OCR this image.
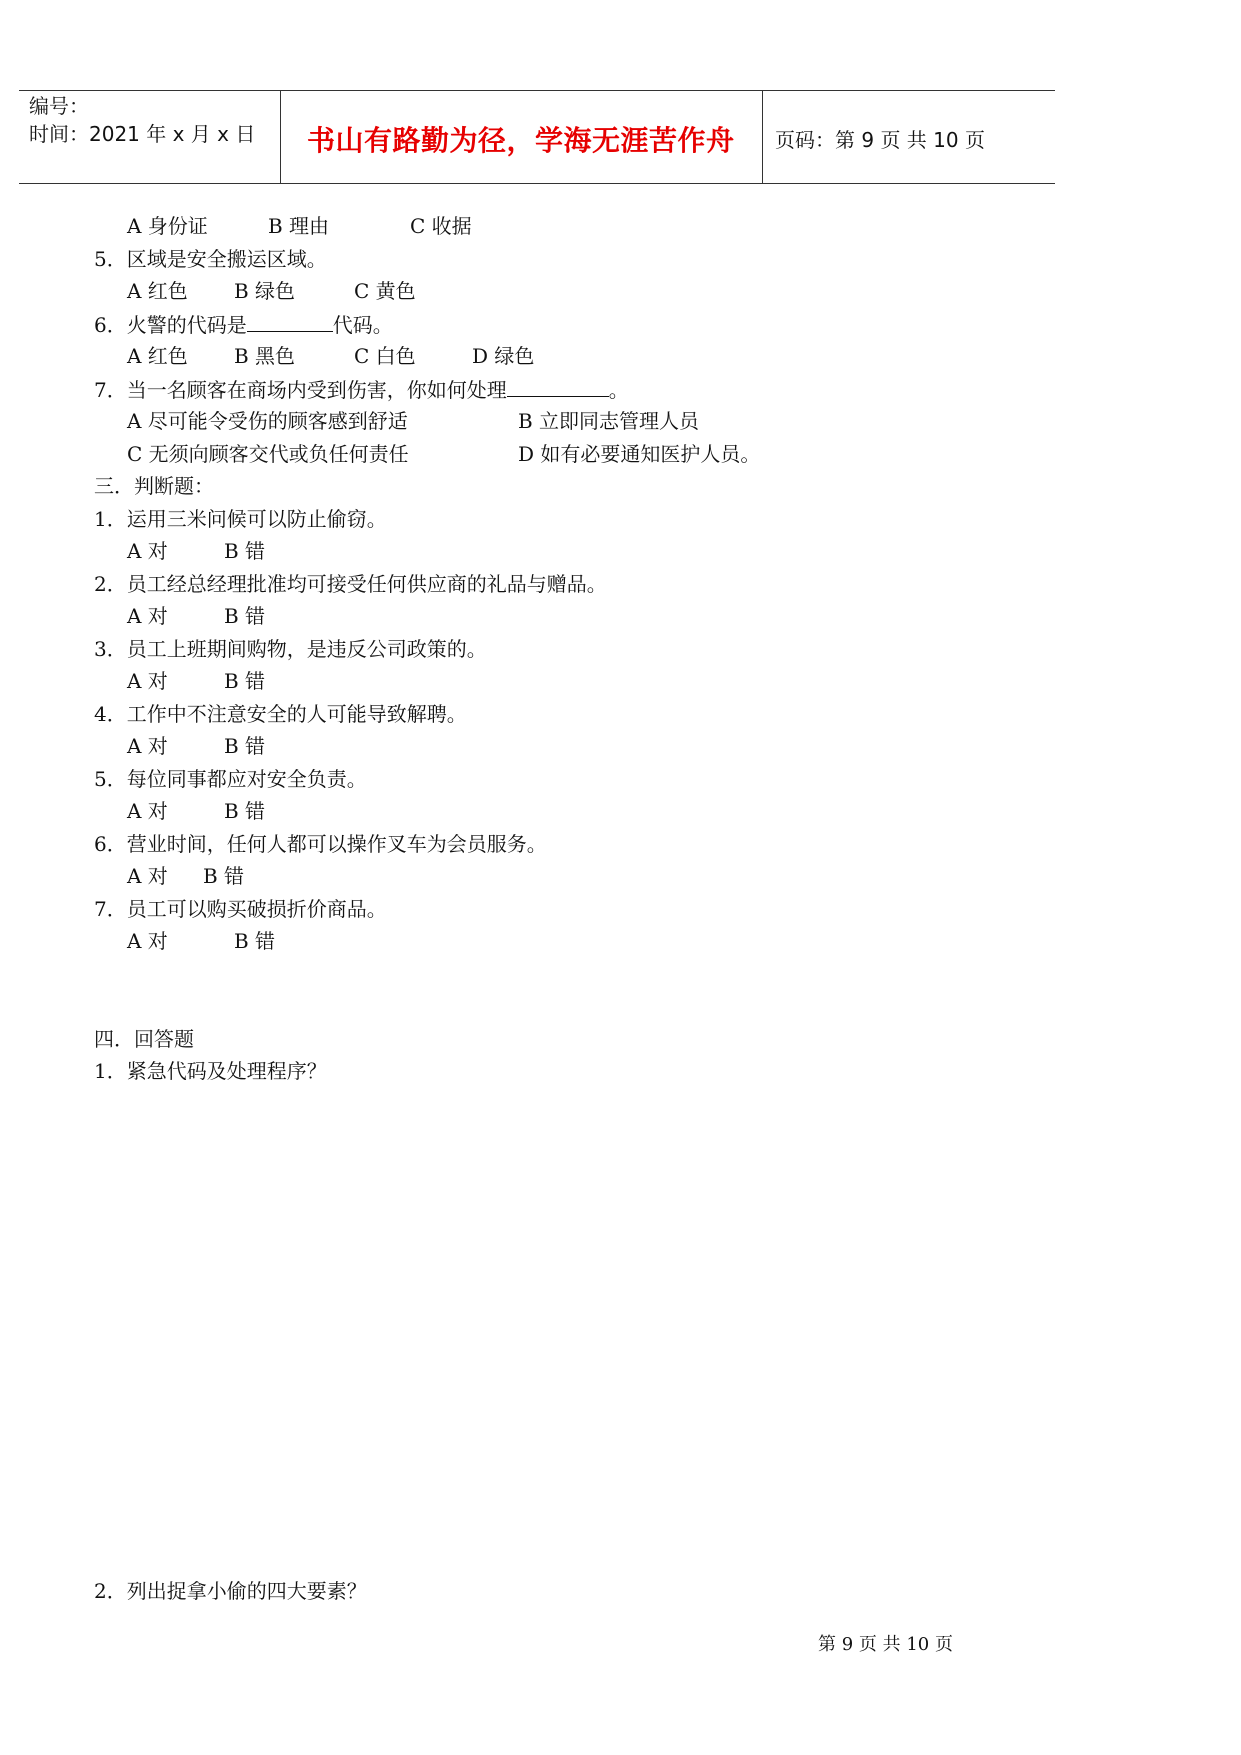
编号：
时间：2021 年 x 月 x 日 书山有路勤为径，学海无涯苦作舟 页码：第 9 页 共 10 页
A 身份证	B 理由	C 收据
5．区域是安全搬运区域。
A 红色 B 绿色	C 黄色
6．火警的代码是	代码。
A 红色 B 黑色	C 白色	D 绿色
7．当一名顾客在商场内受到伤害，你如何处理	。
A 尽可能令受伤的顾客感到舒适	B 立即同志管理人员
C 无须向顾客交代或负任何责任	D 如有必要通知医护人员。
三．判断题：
1．运用三米问候可以防止偷窃。
A 对	B 错
2．员工经总经理批准均可接受任何供应商的礼品与赠品。
A 对	B 错
3．员工上班期间购物，是违反公司政策的。
A 对	B 错
4．工作中不注意安全的人可能导致解聘。
A 对	B 错
5．每位同事都应对安全负责。
A 对	B 错
6．营业时间，任何人都可以操作叉车为会员服务。
A 对 B 错
7．员工可以购买破损折价商品。
A 对	B 错
四．回答题
1．紧急代码及处理程序？
2．列出捉拿小偷的四大要素？
第 9 页 共 10 页
